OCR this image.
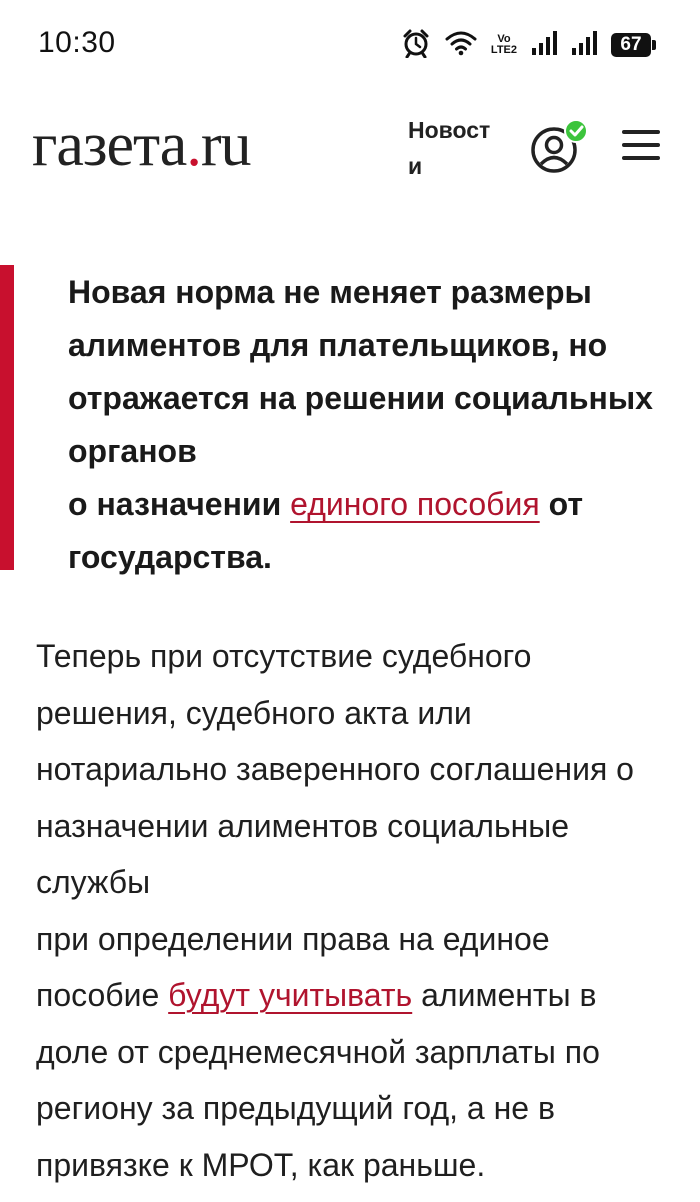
10:30	Vo
LTE2	67
газета.ru	Новости
Новая норма не меняет размеры алиментов для плательщиков, но отражается на решении социальных органов
о назначении единого пособия от государства.
Теперь при отсутствие судебного решения, судебного акта или нотариально заверенного соглашения о назначении алиментов социальные службы
при определении права на единое пособие будут учитывать алименты в доле от среднемесячной зарплаты по региону за предыдущий год, а не в привязке к МРОТ, как раньше.
